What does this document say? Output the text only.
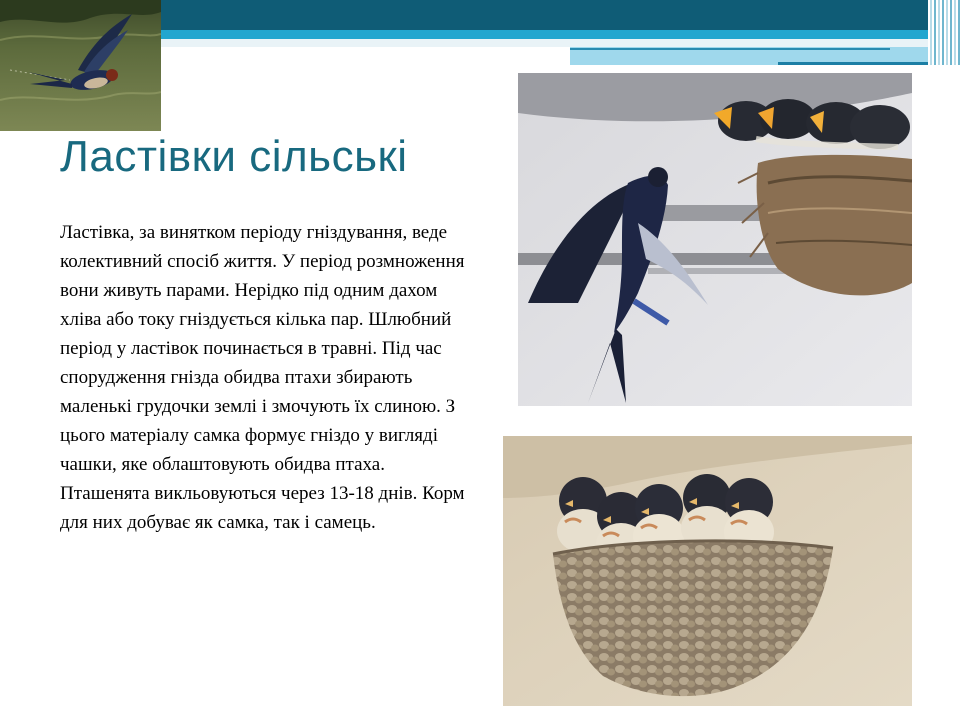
Ластівки сільські

Ластівка, за винятком періоду гніздування, веде колективний спосіб життя. У період розмноження вони живуть парами. Нерідко під одним дахом хліва або току гніздується кілька пар. Шлюбний період у ластівок починається в травні. Під час спорудження гнізда обидва птахи збирають маленькі грудочки землі і змочують їх слиною. З цього матеріалу самка формує гніздо у вигляді чашки, яке облаштовують обидва птаха. Пташенята викльовуються через 13-18 днів. Корм для них добуває як самка, так і самець.
